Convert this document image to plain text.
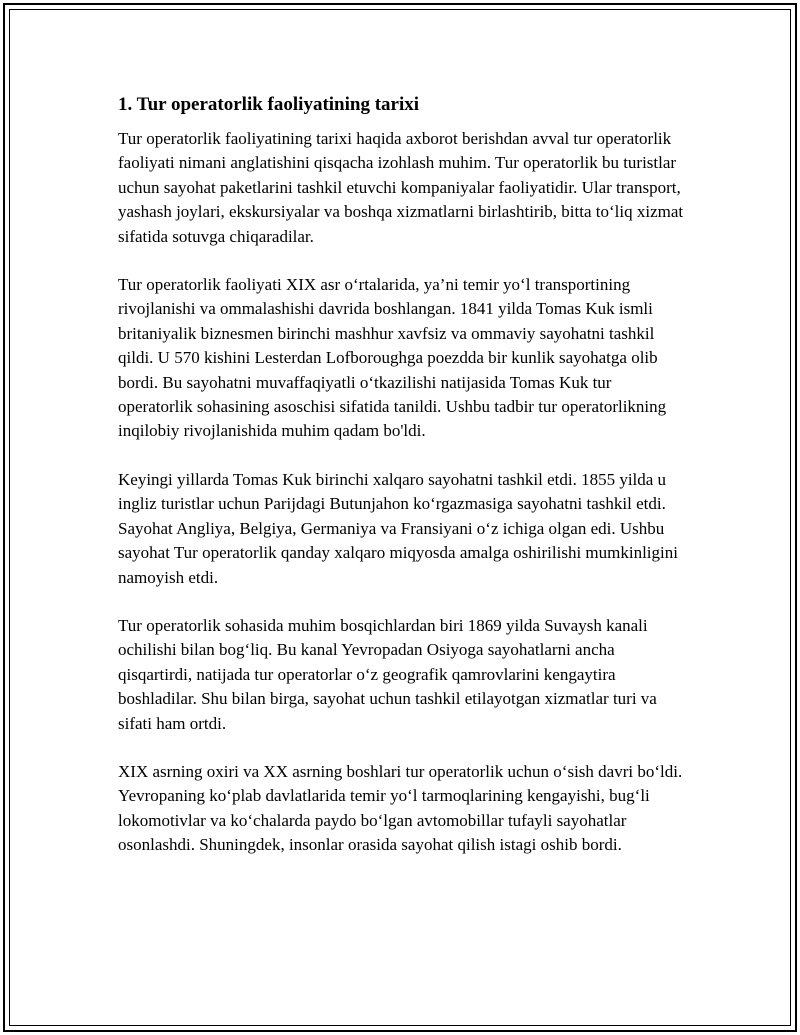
1. Tur operatorlik faoliyatining tarixi

Tur operatorlik faoliyatining tarixi haqida axborot berishdan avval tur operatorlik faoliyati nimani anglatishini qisqacha izohlash muhim. Tur operatorlik bu turistlar uchun sayohat paketlarini tashkil etuvchi kompaniyalar faoliyatidir. Ular transport, yashash joylari, ekskursiyalar va boshqa xizmatlarni birlashtirib, bitta to‘liq xizmat sifatida sotuvga chiqaradilar.

Tur operatorlik faoliyati XIX asr o‘rtalarida, ya’ni temir yo‘l transportining rivojlanishi va ommalashishi davrida boshlangan. 1841 yilda Tomas Kuk ismli britaniyalik biznesmen birinchi mashhur xavfsiz va ommaviy sayohatni tashkil qildi. U 570 kishini Lesterdan Lofboroughga poezdda bir kunlik sayohatga olib bordi. Bu sayohatni muvaffaqiyatli o‘tkazilishi natijasida Tomas Kuk tur operatorlik sohasining asoschisi sifatida tanildi. Ushbu tadbir tur operatorlikning inqilobiy rivojlanishida muhim qadam bo'ldi.

Keyingi yillarda Tomas Kuk birinchi xalqaro sayohatni tashkil etdi. 1855 yilda u ingliz turistlar uchun Parijdagi Butunjahon ko‘rgazmasiga sayohatni tashkil etdi. Sayohat Angliya, Belgiya, Germaniya va Fransiyani o‘z ichiga olgan edi. Ushbu sayohat Tur operatorlik qanday xalqaro miqyosda amalga oshirilishi mumkinligini namoyish etdi.

Tur operatorlik sohasida muhim bosqichlardan biri 1869 yilda Suvaysh kanali ochilishi bilan bog‘liq. Bu kanal Yevropadan Osiyoga sayohatlarni ancha qisqartirdi, natijada tur operatorlar o‘z geografik qamrovlarini kengaytira boshladilar. Shu bilan birga, sayohat uchun tashkil etilayotgan xizmatlar turi va sifati ham ortdi.

XIX asrning oxiri va XX asrning boshlari tur operatorlik uchun o‘sish davri bo‘ldi. Yevropaning ko‘plab davlatlarida temir yo‘l tarmoqlarining kengayishi, bug‘li lokomotivlar va ko‘chalarda paydo bo‘lgan avtomobillar tufayli sayohatlar osonlashdi. Shuningdek, insonlar orasida sayohat qilish istagi oshib bordi.
